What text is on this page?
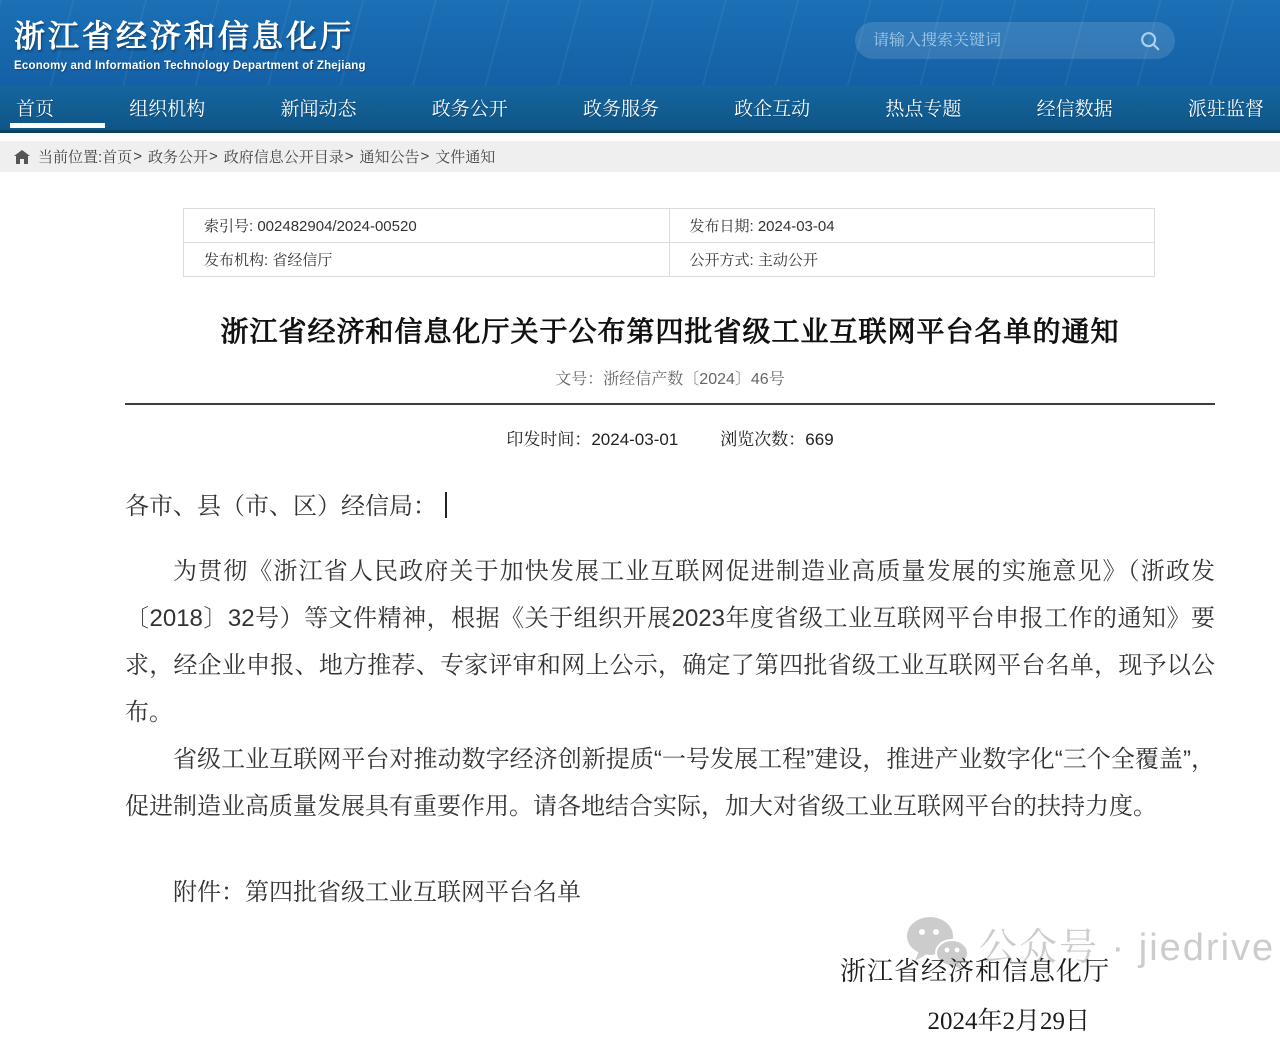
浙江省经济和信息化厅
Economy and Information Technology Department of Zhejiang
请输入搜索关键词
首页	组织机构	新闻动态	政务公开	政务服务	政企互动	热点专题	经信数据	派驻监督
当前位置: 首页 > 政务公开 > 政府信息公开目录 > 通知公告 > 文件通知
索引号: 002482904/2024-00520	发布日期: 2024-03-04
发布机构: 省经信厅	公开方式: 主动公开
浙江省经济和信息化厅关于公布第四批省级工业互联网平台名单的通知
文号：浙经信产数〔2024〕46号
印发时间：2024-03-01 浏览次数：669
各市、县（市、区）经信局：

为贯彻《浙江省人民政府关于加快发展工业互联网促进制造业高质量发展的实施意见》（浙政发〔2018〕32号）等文件精神，根据《关于组织开展2023年度省级工业互联网平台申报工作的通知》要求，经企业申报、地方推荐、专家评审和网上公示，确定了第四批省级工业互联网平台名单，现予以公布。

省级工业互联网平台对推动数字经济创新提质“一号发展工程”建设，推进产业数字化“三个全覆盖”，促进制造业高质量发展具有重要作用。请各地结合实际，加大对省级工业互联网平台的扶持力度。

附件：第四批省级工业互联网平台名单
浙江省经济和信息化厅
2024年2月29日
公众号 · jiedrive
